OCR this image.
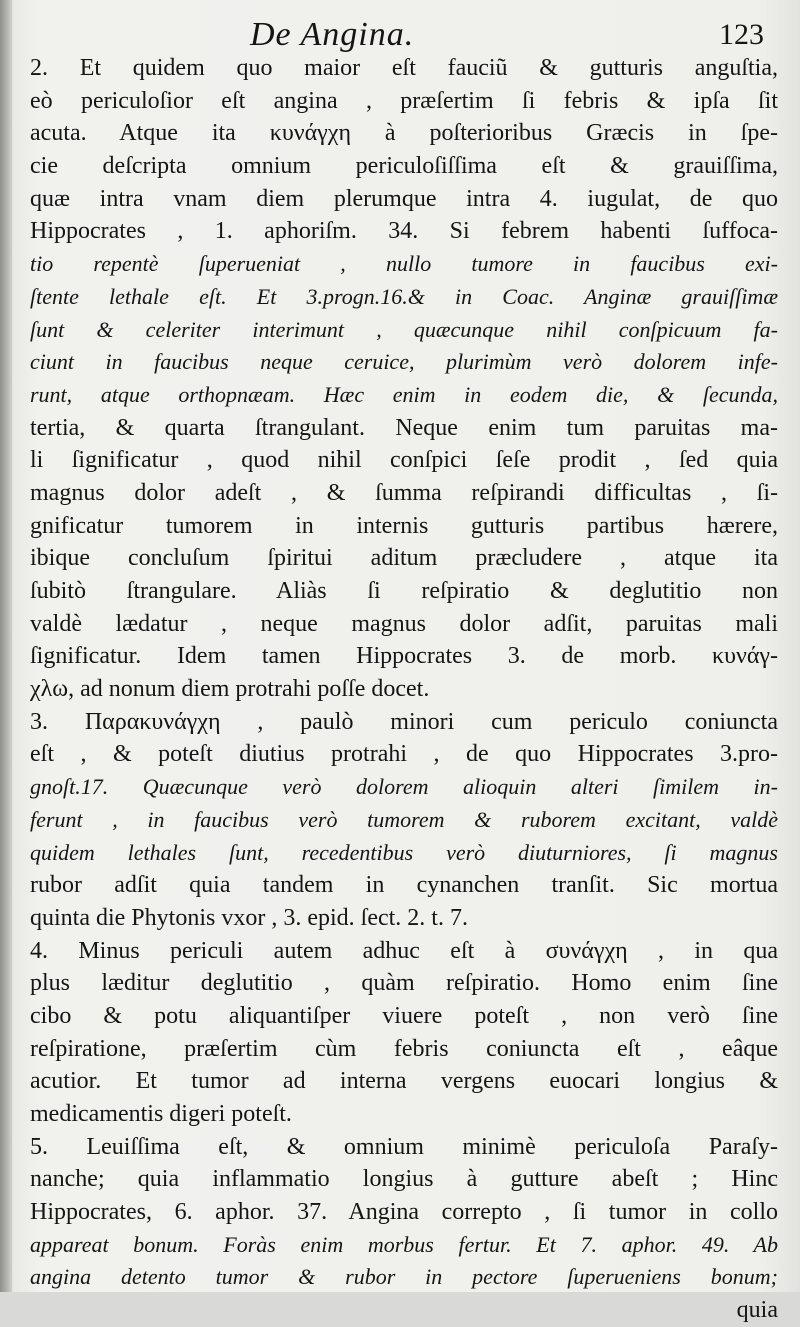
De Angina.	123
2. Et quidem quo maior eſt fauciũ & gutturis anguſtia,
eò periculoſior eſt angina , præſertim ſi febris & ipſa ſit
acuta. Atque ita κυνάγχη à poſterioribus Græcis in ſpe-
cie deſcripta omnium periculoſiſſima eſt & grauiſſima,
quæ intra vnam diem plerumque intra 4. iugulat, de quo
Hippocrates , 1. aphoriſm. 34. Si febrem habenti ſuffoca-
tio repentè ſuperueniat , nullo tumore in faucibus exi-
ſtente lethale eſt. Et 3.progn.16.& in Coac. Anginæ grauiſſimæ
ſunt & celeriter interimunt , quæcunque nihil conſpicuum fa-
ciunt in faucibus neque ceruice, plurimùm verò dolorem infe-
runt, atque orthopnæam. Hæc enim in eodem die, & ſecunda,
tertia, & quarta ſtrangulant. Neque enim tum paruitas ma-
li ſignificatur , quod nihil conſpici ſeſe prodit , ſed quia
magnus dolor adeſt , & ſumma reſpirandi difficultas , ſi-
gnificatur tumorem in internis gutturis partibus hærere,
ibique concluſum ſpiritui aditum præcludere , atque ita
ſubitò ſtrangulare. Aliàs ſi reſpiratio & deglutitio non
valdè lædatur , neque magnus dolor adſit, paruitas mali
ſignificatur. Idem tamen Hippocrates 3. de morb. κυνάγ-
χλω, ad nonum diem protrahi poſſe docet.
3. Παρακυνάγχη , paulò minori cum periculo coniuncta
eſt , & poteſt diutius protrahi , de quo Hippocrates 3.pro-
gnoſt.17. Quæcunque verò dolorem alioquin alteri ſimilem in-
ferunt , in faucibus verò tumorem & ruborem excitant, valdè
quidem lethales ſunt, recedentibus verò diuturniores, ſi magnus
rubor adſit quia tandem in cynanchen tranſit. Sic mortua
quinta die Phytonis vxor , 3. epid. ſect. 2. t. 7.
4. Minus periculi autem adhuc eſt à συνάγχη , in qua
plus læditur deglutitio , quàm reſpiratio. Homo enim ſine
cibo & potu aliquantiſper viuere poteſt , non verò ſine
reſpiratione, præſertim cùm febris coniuncta eſt , eâque
acutior. Et tumor ad interna vergens euocari longius &
medicamentis digeri poteſt.
5. Leuiſſima eſt, & omnium minimè periculoſa Paraſy-
nanche; quia inflammatio longius à gutture abeſt ; Hinc
Hippocrates, 6. aphor. 37. Angina correpto , ſi tumor in collo
appareat bonum. Foràs enim morbus fertur. Et 7. aphor. 49. Ab
angina detento tumor & rubor in pectore ſuperueniens bonum;
quia
